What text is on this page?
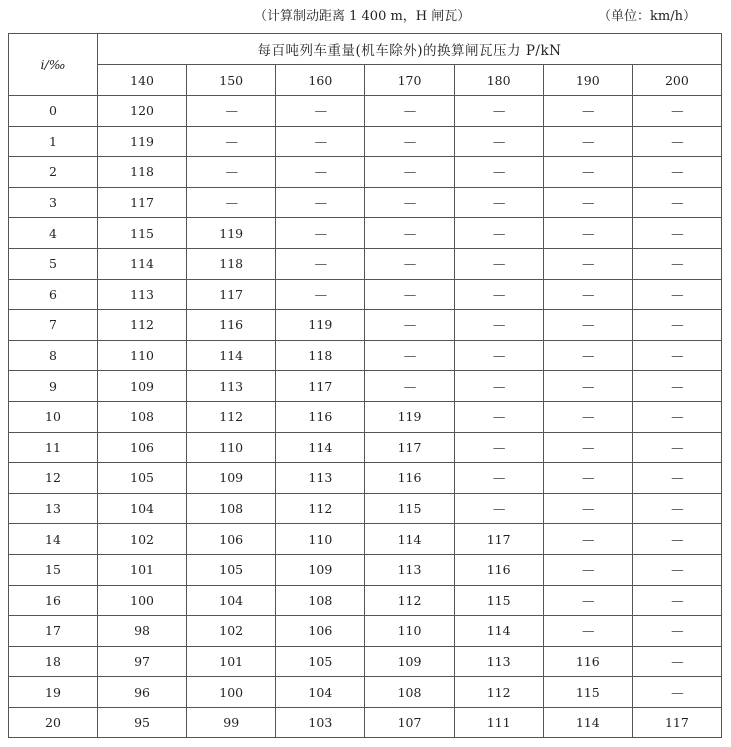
（计算制动距离 1 400 m，H 闸瓦）	（单位：km/h）
i/‰	每百吨列车重量(机车除外)的换算闸瓦压力 P/kN						
	140	150	160	170	180	190	200
0	120	—	—	—	—	—	—
1	119	—	—	—	—	—	—
2	118	—	—	—	—	—	—
3	117	—	—	—	—	—	—
4	115	119	—	—	—	—	—
5	114	118	—	—	—	—	—
6	113	117	—	—	—	—	—
7	112	116	119	—	—	—	—
8	110	114	118	—	—	—	—
9	109	113	117	—	—	—	—
10	108	112	116	119	—	—	—
11	106	110	114	117	—	—	—
12	105	109	113	116	—	—	—
13	104	108	112	115	—	—	—
14	102	106	110	114	117	—	—
15	101	105	109	113	116	—	—
16	100	104	108	112	115	—	—
17	98	102	106	110	114	—	—
18	97	101	105	109	113	116	—
19	96	100	104	108	112	115	—
20	95	99	103	107	111	114	117
